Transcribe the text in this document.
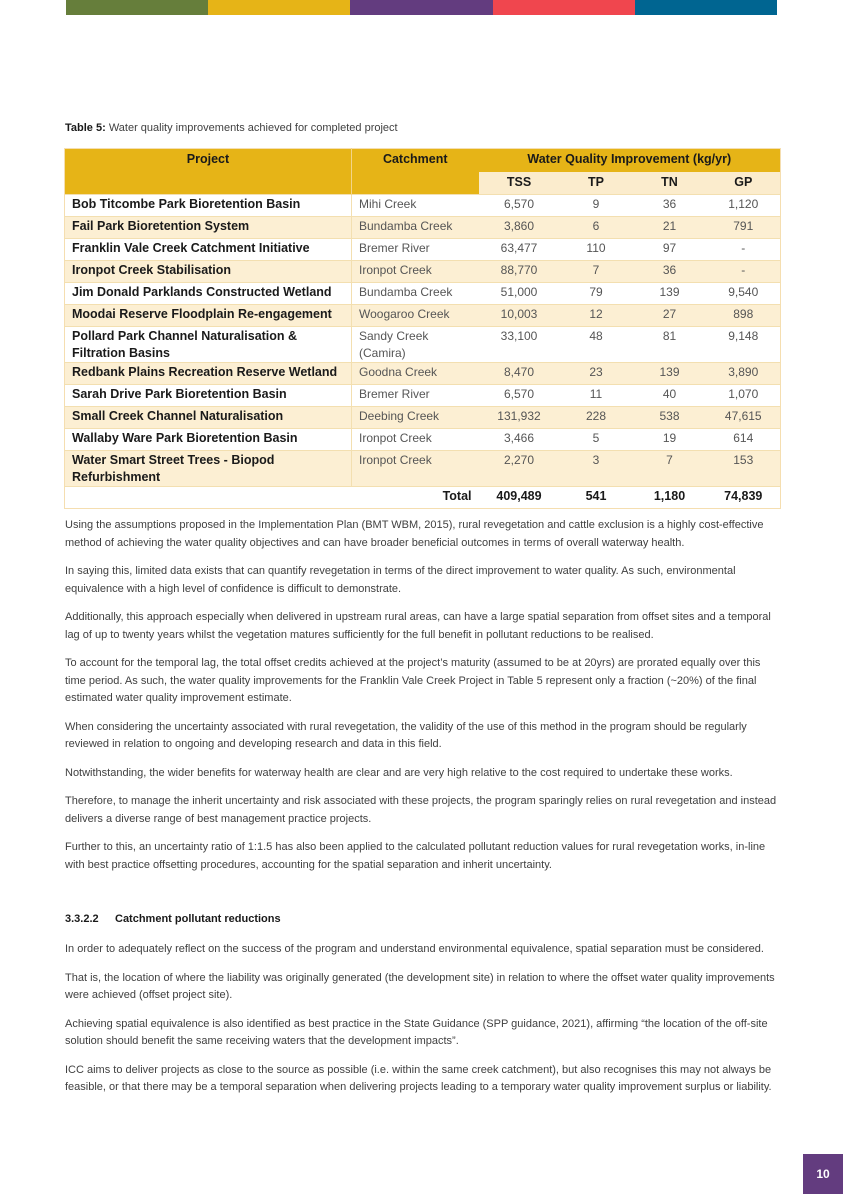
Table 5: Water quality improvements achieved for completed project
Project	Catchment	Water Quality Improvement (kg/yr)			
		TSS	TP	TN	GP
Bob Titcombe Park Bioretention Basin	Mihi Creek	6,570	9	36	1,120
Fail Park Bioretention System	Bundamba Creek	3,860	6	21	791
Franklin Vale Creek Catchment Initiative	Bremer River	63,477	110	97	-
Ironpot Creek Stabilisation	Ironpot Creek	88,770	7	36	-
Jim Donald Parklands Constructed Wetland	Bundamba Creek	51,000	79	139	9,540
Moodai Reserve Floodplain Re-engagement	Woogaroo Creek	10,003	12	27	898
Pollard Park Channel Naturalisation & Filtration Basins	Sandy Creek (Camira)	33,100	48	81	9,148
Redbank Plains Recreation Reserve Wetland	Goodna Creek	8,470	23	139	3,890
Sarah Drive Park Bioretention Basin	Bremer River	6,570	11	40	1,070
Small Creek Channel Naturalisation	Deebing Creek	131,932	228	538	47,615
Wallaby Ware Park Bioretention Basin	Ironpot Creek	3,466	5	19	614
Water Smart Street Trees - Biopod Refurbishment	Ironpot Creek	2,270	3	7	153
Total		409,489	541	1,180	74,839

Using the assumptions proposed in the Implementation Plan (BMT WBM, 2015), rural revegetation and cattle exclusion is a highly cost-effective method of achieving the water quality objectives and can have broader beneficial outcomes in terms of overall waterway health.

In saying this, limited data exists that can quantify revegetation in terms of the direct improvement to water quality. As such, environmental equivalence with a high level of confidence is difficult to demonstrate.

Additionally, this approach especially when delivered in upstream rural areas, can have a large spatial separation from offset sites and a temporal lag of up to twenty years whilst the vegetation matures sufficiently for the full benefit in pollutant reductions to be realised.

To account for the temporal lag, the total offset credits achieved at the project’s maturity (assumed to be at 20yrs) are prorated equally over this time period. As such, the water quality improvements for the Franklin Vale Creek Project in Table 5 represent only a fraction (~20%) of the final estimated water quality improvement estimate.

When considering the uncertainty associated with rural revegetation, the validity of the use of this method in the program should be regularly reviewed in relation to ongoing and developing research and data in this field.

Notwithstanding, the wider benefits for waterway health are clear and are very high relative to the cost required to undertake these works.

Therefore, to manage the inherit uncertainty and risk associated with these projects, the program sparingly relies on rural revegetation and instead delivers a diverse range of best management practice projects.

Further to this, an uncertainty ratio of 1:1.5 has also been applied to the calculated pollutant reduction values for rural revegetation works, in-line with best practice offsetting procedures, accounting for the spatial separation and inherit uncertainty.

3.3.2.2 Catchment pollutant reductions

In order to adequately reflect on the success of the program and understand environmental equivalence, spatial separation must be considered.

That is, the location of where the liability was originally generated (the development site) in relation to where the offset water quality improvements were achieved (offset project site).

Achieving spatial equivalence is also identified as best practice in the State Guidance (SPP guidance, 2021), affirming “the location of the off-site solution should benefit the same receiving waters that the development impacts”.

ICC aims to deliver projects as close to the source as possible (i.e. within the same creek catchment), but also recognises this may not always be feasible, or that there may be a temporal separation when delivering projects leading to a temporary water quality improvement surplus or liability.

10
